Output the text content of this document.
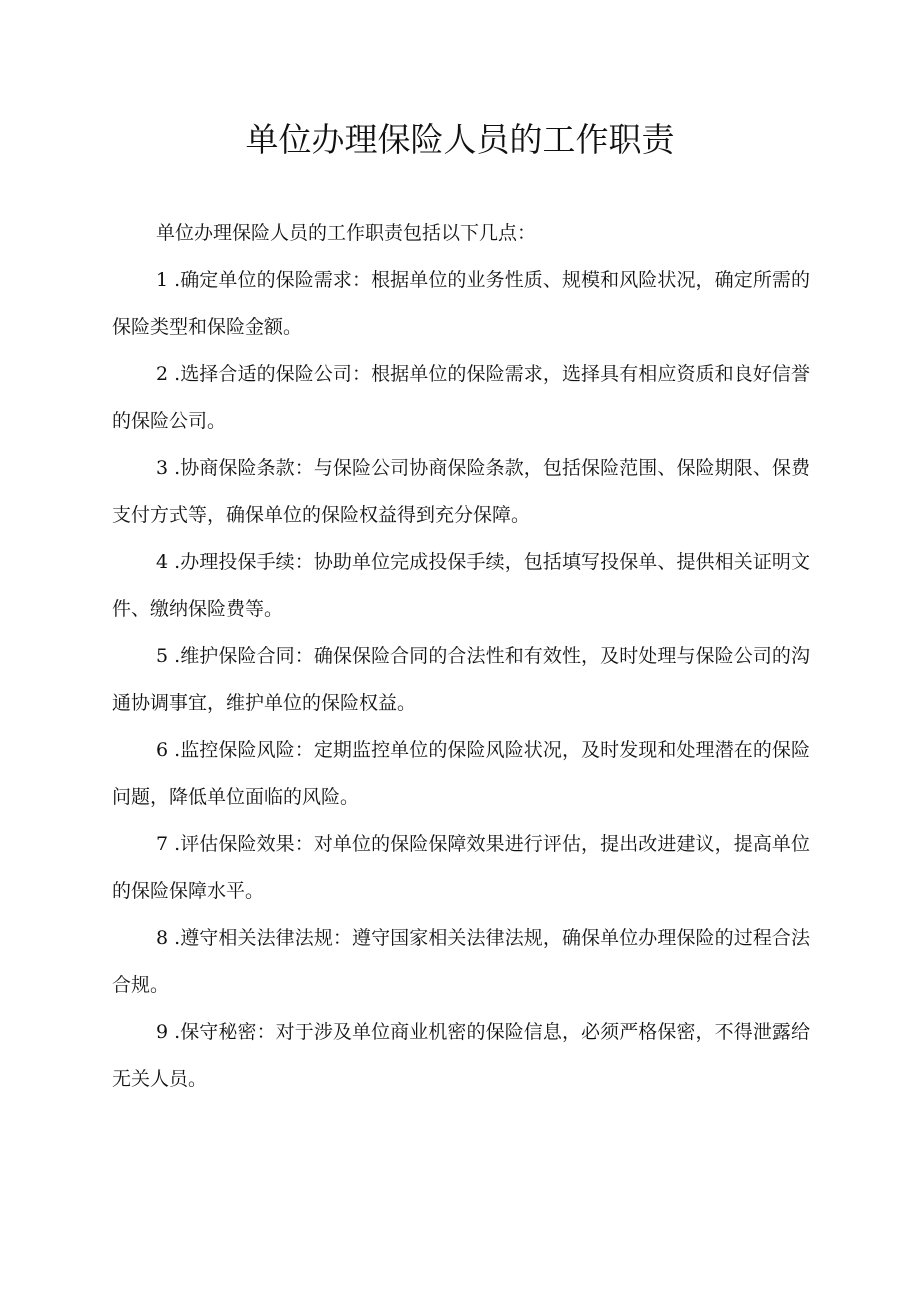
单位办理保险人员的工作职责

单位办理保险人员的工作职责包括以下几点：

1 .确定单位的保险需求：根据单位的业务性质、规模和风险状况，确定所需的保险类型和保险金额。

2 .选择合适的保险公司：根据单位的保险需求，选择具有相应资质和良好信誉的保险公司。

3 .协商保险条款：与保险公司协商保险条款，包括保险范围、保险期限、保费支付方式等，确保单位的保险权益得到充分保障。

4 .办理投保手续：协助单位完成投保手续，包括填写投保单、提供相关证明文件、缴纳保险费等。

5 .维护保险合同：确保保险合同的合法性和有效性，及时处理与保险公司的沟通协调事宜，维护单位的保险权益。

6 .监控保险风险：定期监控单位的保险风险状况，及时发现和处理潜在的保险问题，降低单位面临的风险。

7 .评估保险效果：对单位的保险保障效果进行评估，提出改进建议，提高单位的保险保障水平。

8 .遵守相关法律法规：遵守国家相关法律法规，确保单位办理保险的过程合法合规。

9 .保守秘密：对于涉及单位商业机密的保险信息，必须严格保密，不得泄露给无关人员。
